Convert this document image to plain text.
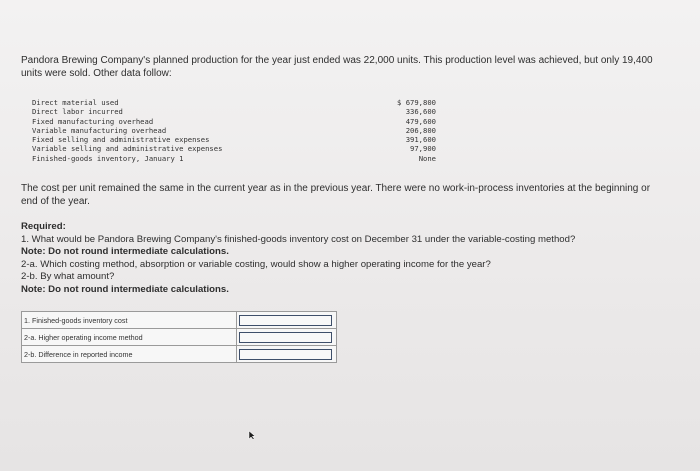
Pandora Brewing Company's planned production for the year just ended was 22,000 units. This production level was achieved, but only 19,400 units were sold. Other data follow:

Direct material used	$ 679,800
Direct labor incurred	336,600
Fixed manufacturing overhead	479,600
Variable manufacturing overhead	206,800
Fixed selling and administrative expenses	391,600
Variable selling and administrative expenses	97,900
Finished-goods inventory, January 1	None

The cost per unit remained the same in the current year as in the previous year. There were no work-in-process inventories at the beginning or end of the year.

Required:
1. What would be Pandora Brewing Company's finished-goods inventory cost on December 31 under the variable-costing method?
Note: Do not round intermediate calculations.
2-a. Which costing method, absorption or variable costing, would show a higher operating income for the year?
2-b. By what amount?
Note: Do not round intermediate calculations.
1. Finished-goods inventory cost	

2-a. Higher operating income method	

2-b. Difference in reported income	
